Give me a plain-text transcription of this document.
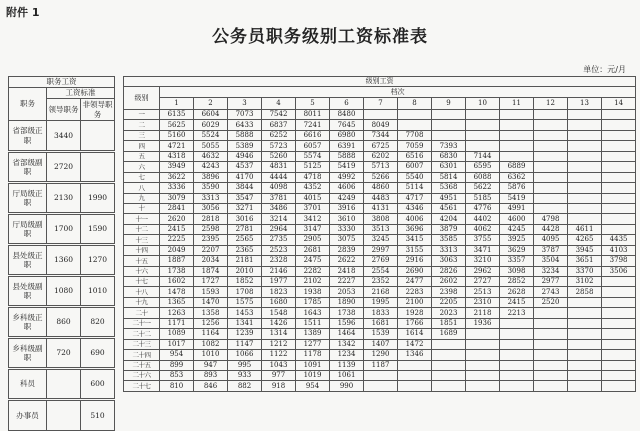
附件 1
公务员职务级别工资标准表
单位：元/月
职务工资		
职务	工资标准	
	领导职务	非领导职务
省部级正职	3440	
省部级副职	2720	
厅局级正职	2130	1990
厅局级副职	1700	1590
县处级正职	1360	1270
县处级副职	1080	1010
乡科级正职	860	820
乡科级副职	720	690
科员		600
办事员		510
级别工资														
级别	档次													
	1	2	3	4	5	6	7	8	9	10	11	12	13	14
一	6135	6604	7073	7542	8011	8480								
二	5625	6029	6433	6837	7241	7645	8049							
三	5160	5524	5888	6252	6616	6980	7344	7708						
四	4721	5055	5389	5723	6057	6391	6725	7059	7393					
五	4318	4632	4946	5260	5574	5888	6202	6516	6830	7144				
六	3949	4243	4537	4831	5125	5419	5713	6007	6301	6595	6889			
七	3622	3896	4170	4444	4718	4992	5266	5540	5814	6088	6362			
八	3336	3590	3844	4098	4352	4606	4860	5114	5368	5622	5876			
九	3079	3313	3547	3781	4015	4249	4483	4717	4951	5185	5419			
十	2841	3056	3271	3486	3701	3916	4131	4346	4561	4776	4991			
十一	2620	2818	3016	3214	3412	3610	3808	4006	4204	4402	4600	4798		
十二	2415	2598	2781	2964	3147	3330	3513	3696	3879	4062	4245	4428	4611	
十三	2225	2395	2565	2735	2905	3075	3245	3415	3585	3755	3925	4095	4265	4435
十四	2049	2207	2365	2523	2681	2839	2997	3155	3313	3471	3629	3787	3945	4103
十五	1887	2034	2181	2328	2475	2622	2769	2916	3063	3210	3357	3504	3651	3798
十六	1738	1874	2010	2146	2282	2418	2554	2690	2826	2962	3098	3234	3370	3506
十七	1602	1727	1852	1977	2102	2227	2352	2477	2602	2727	2852	2977	3102	
十八	1478	1593	1708	1823	1938	2053	2168	2283	2398	2513	2628	2743	2858	
十九	1365	1470	1575	1680	1785	1890	1995	2100	2205	2310	2415	2520		
二十	1263	1358	1453	1548	1643	1738	1833	1928	2023	2118	2213			
二十一	1171	1256	1341	1426	1511	1596	1681	1766	1851	1936				
二十二	1089	1164	1239	1314	1389	1464	1539	1614	1689					
二十三	1017	1082	1147	1212	1277	1342	1407	1472						
二十四	954	1010	1066	1122	1178	1234	1290	1346						
二十五	899	947	995	1043	1091	1139	1187							
二十六	853	893	933	977	1019	1061								
二十七	810	846	882	918	954	990								
